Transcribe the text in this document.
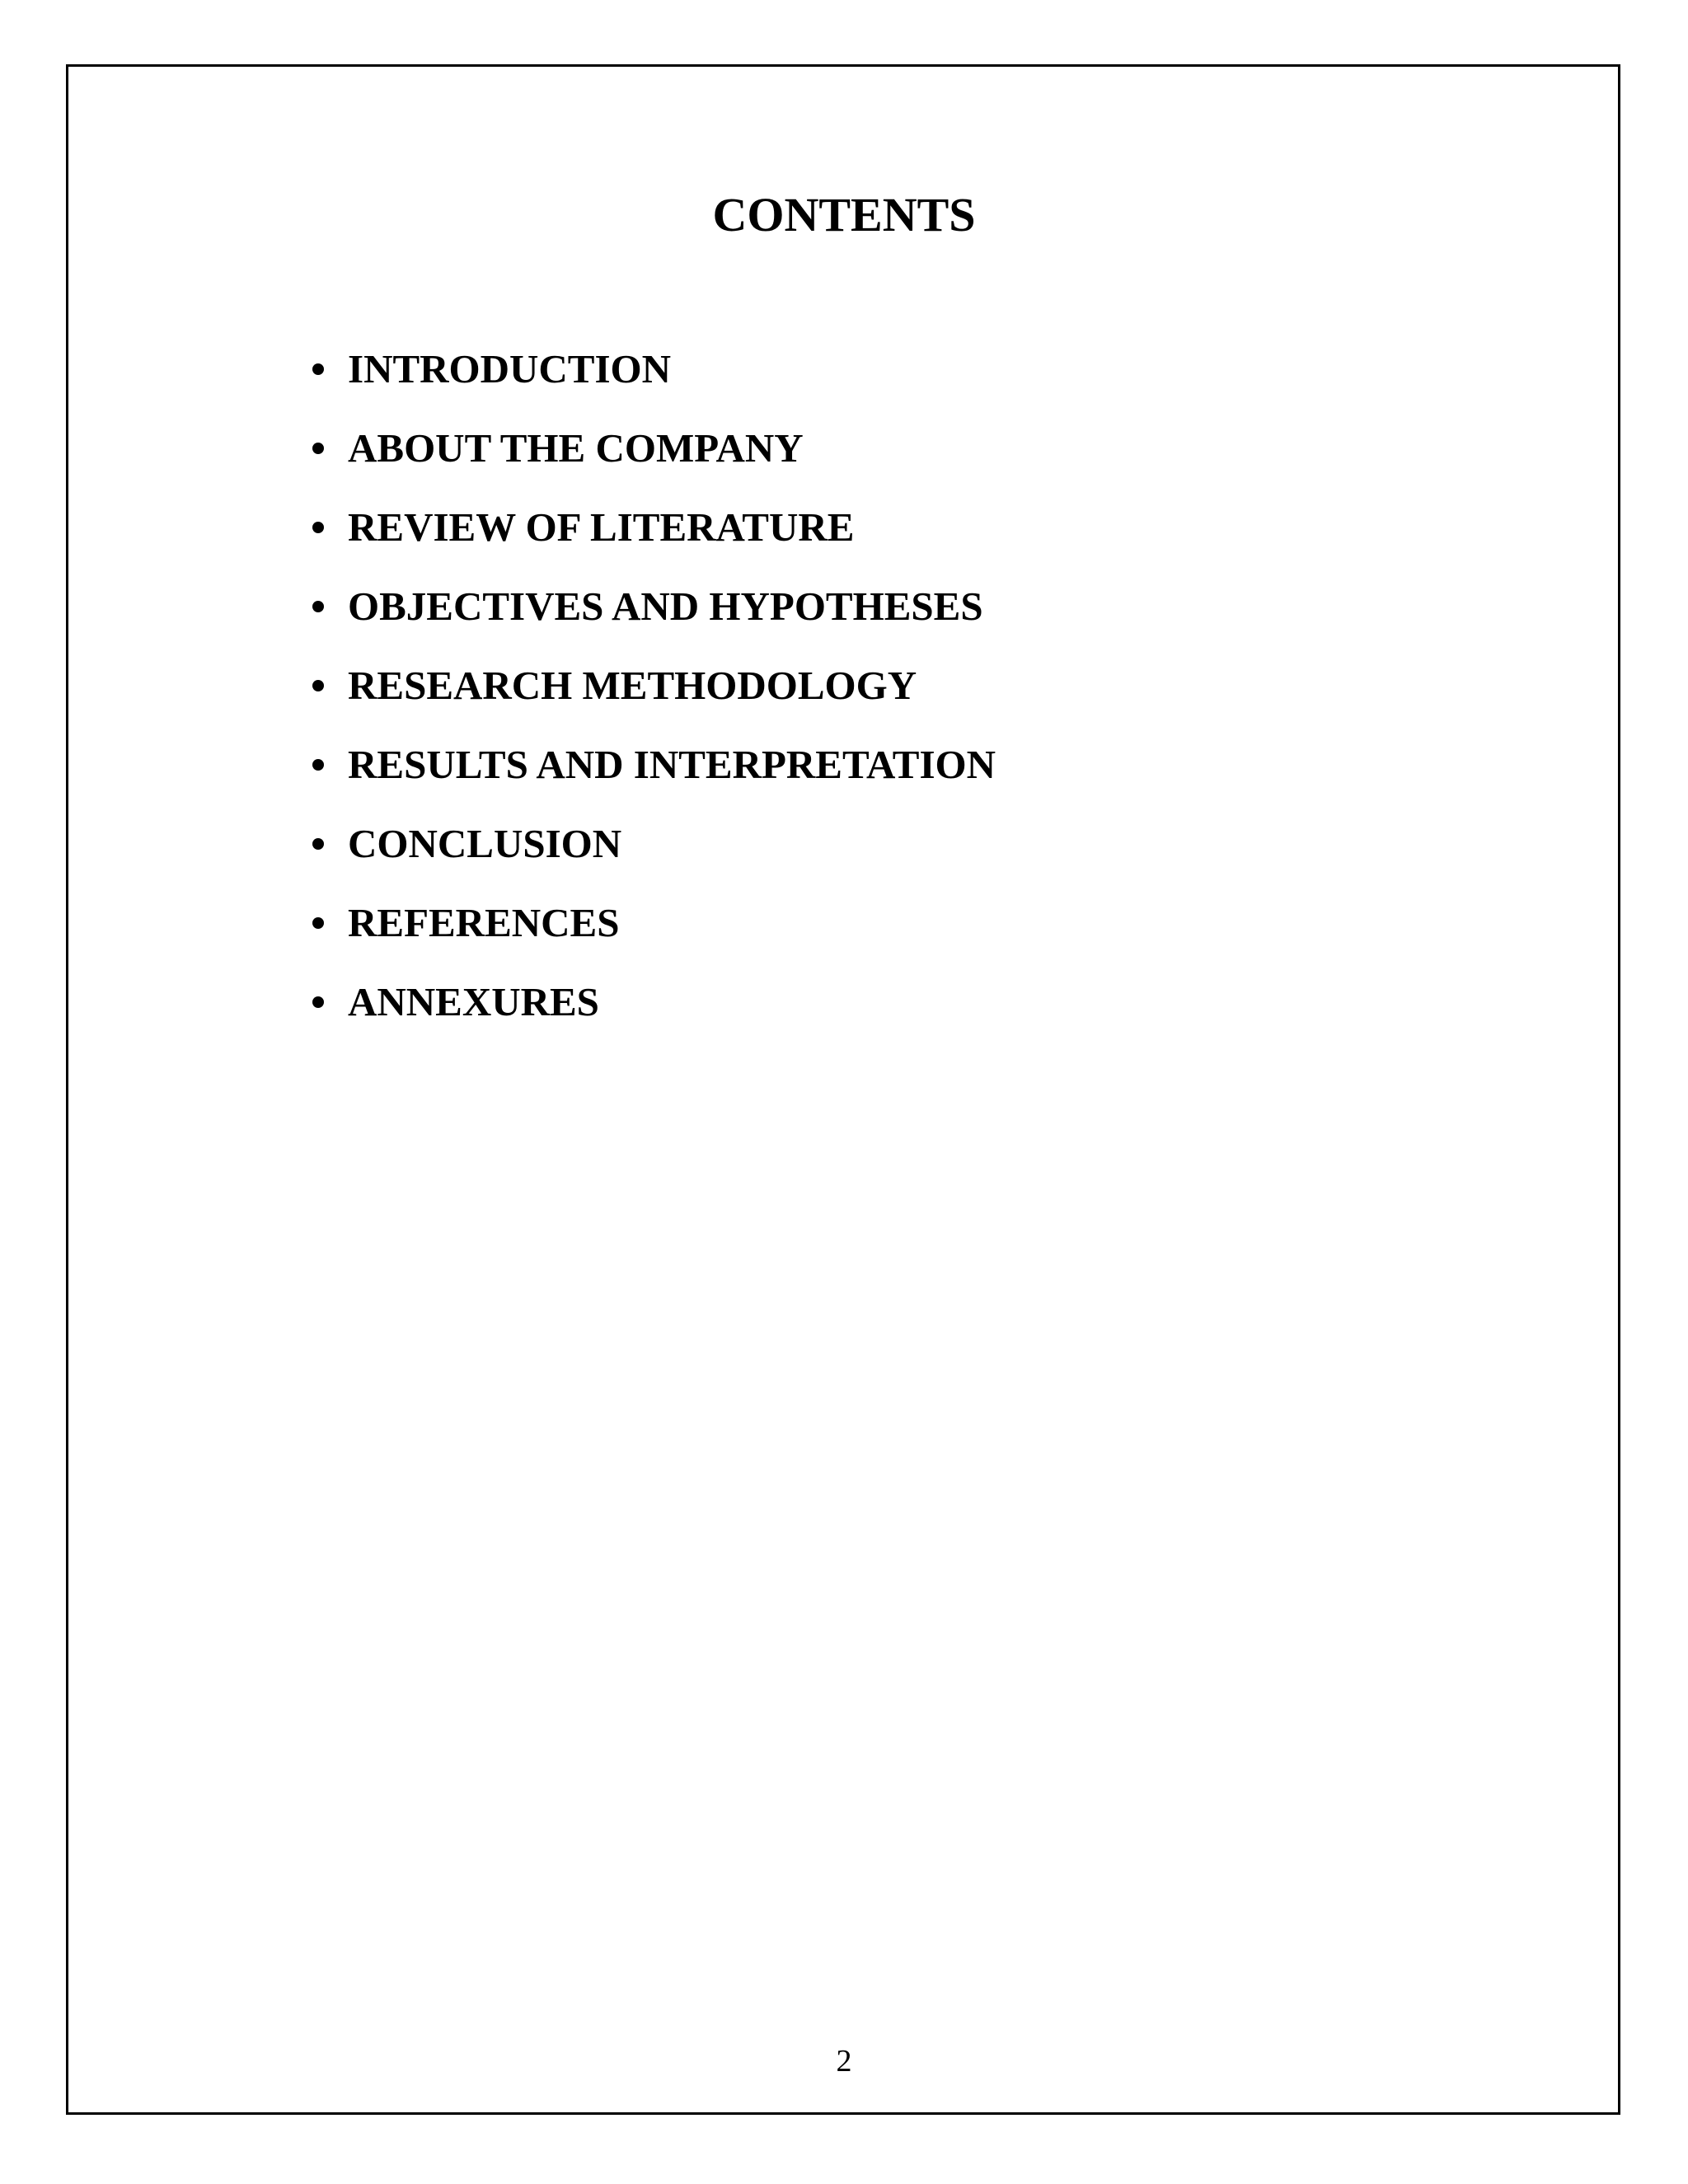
CONTENTS
INTRODUCTION
ABOUT THE COMPANY
REVIEW OF LITERATURE
OBJECTIVES AND HYPOTHESES
RESEARCH METHODOLOGY
RESULTS AND INTERPRETATION
CONCLUSION
REFERENCES
ANNEXURES
2
